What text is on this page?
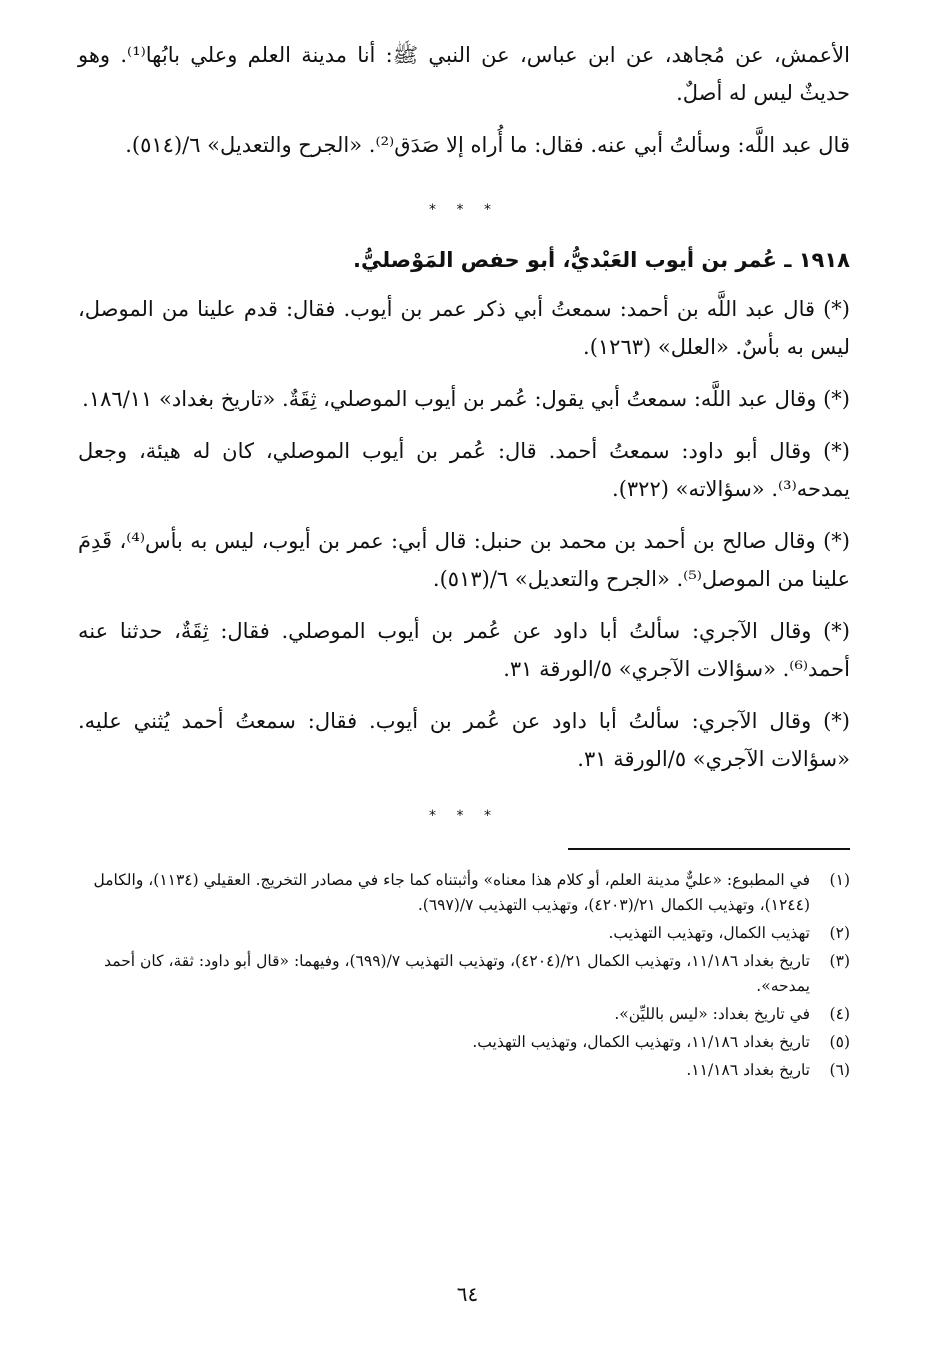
الأعمش، عن مُجاهد، عن ابن عباس، عن النبي ﷺ: أنا مدينة العلم وعلي بابُها⁽¹⁾. وهو حديثٌ ليس له أصلٌ.

قال عبد اللَّه: وسألتُ أبي عنه. فقال: ما أُراه إلا صَدَق⁽²⁾. «الجرح والتعديل» ٦/(٥١٤).

* * *
١٩١٨ ـ عُمر بن أيوب العَبْديُّ، أبو حفص المَوْصليُّ.

(*) قال عبد اللَّه بن أحمد: سمعتُ أبي ذكر عمر بن أيوب. فقال: قدم علينا من الموصل، ليس به بأسٌ. «العلل» (١٢٦٣).

(*) وقال عبد اللَّه: سمعتُ أبي يقول: عُمر بن أيوب الموصلي، ثِقَةٌ. «تاريخ بغداد» ١٨٦/١١.

(*) وقال أبو داود: سمعتُ أحمد. قال: عُمر بن أيوب الموصلي، كان له هيئة، وجعل يمدحه⁽³⁾. «سؤالاته» (٣٢٢).

(*) وقال صالح بن أحمد بن محمد بن حنبل: قال أبي: عمر بن أيوب، ليس به بأس⁽⁴⁾، قَدِمَ علينا من الموصل⁽⁵⁾. «الجرح والتعديل» ٦/(٥١٣).

(*) وقال الآجري: سألتُ أبا داود عن عُمر بن أيوب الموصلي. فقال: ثِقَةٌ، حدثنا عنه أحمد⁽⁶⁾. «سؤالات الآجري» ٥/الورقة ٣١.

(*) وقال الآجري: سألتُ أبا داود عن عُمر بن أيوب. فقال: سمعتُ أحمد يُثني عليه. «سؤالات الآجري» ٥/الورقة ٣١.

* * *
(١)
في المطبوع: «عليٌّ مدينة العلم، أو كلام هذا معناه» وأثبتناه كما جاء في مصادر التخريج. العقيلي (١١٣٤)، والكامل (١٢٤٤)، وتهذيب الكمال ٢١/(٤٢٠٣)، وتهذيب التهذيب ٧/(٦٩٧).
(٢)
تهذيب الكمال، وتهذيب التهذيب.
(٣)
تاريخ بغداد ١١/١٨٦، وتهذيب الكمال ٢١/(٤٢٠٤)، وتهذيب التهذيب ٧/(٦٩٩)، وفيهما: «قال أبو داود: ثقة، كان أحمد يمدحه».
(٤)
في تاريخ بغداد: «ليس بالليِّن».
(٥)
تاريخ بغداد ١١/١٨٦، وتهذيب الكمال، وتهذيب التهذيب.
(٦)
تاريخ بغداد ١١/١٨٦.
٦٤
